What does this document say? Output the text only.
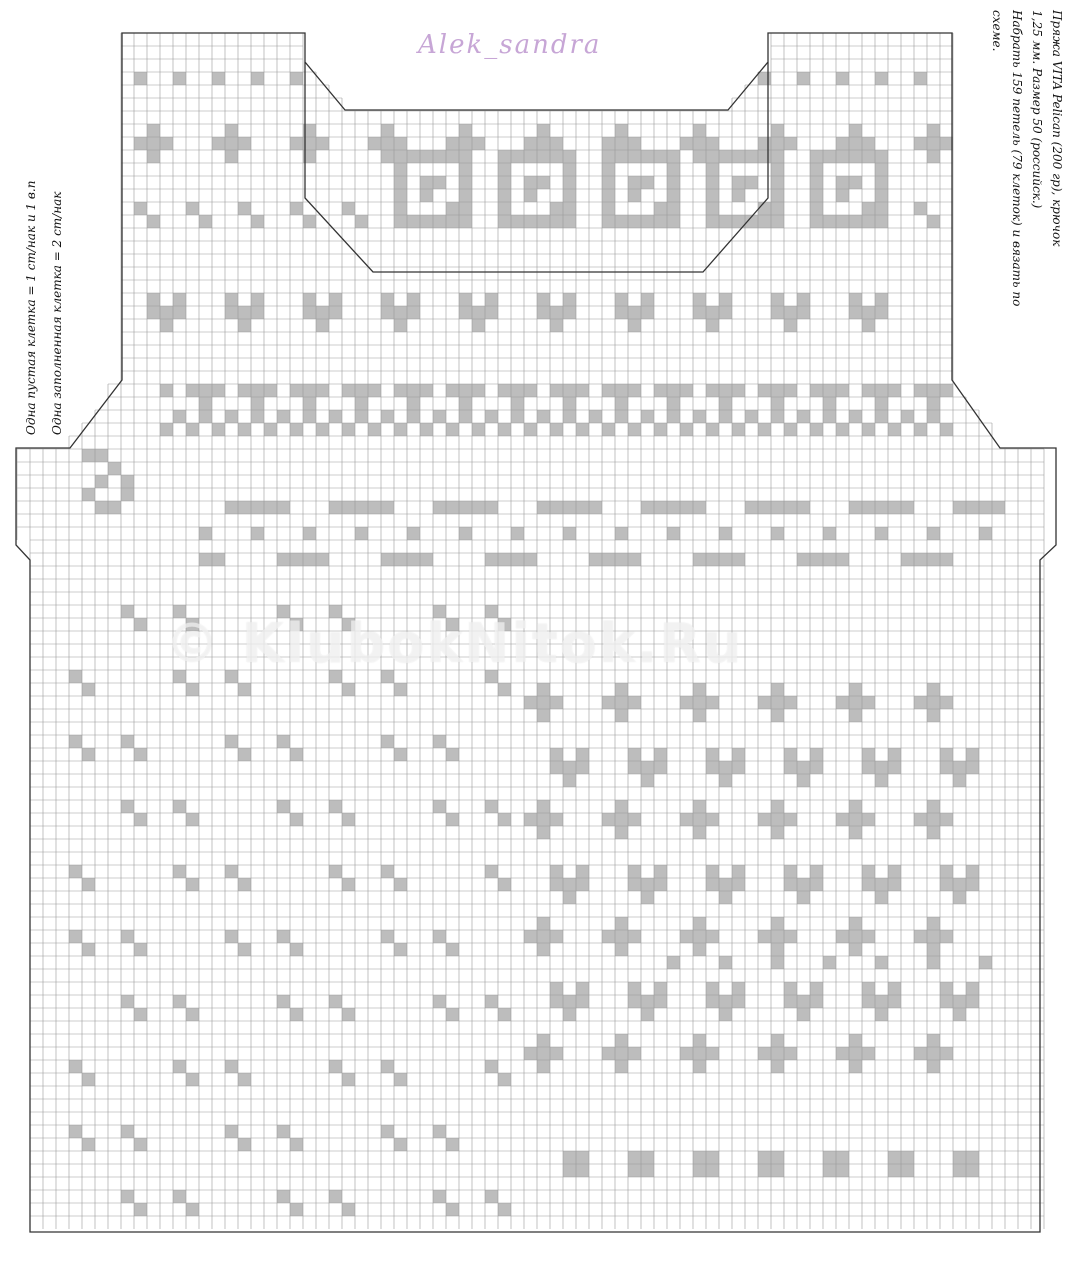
Alek_sandra
Одна пустая клетка = 1 ст/нак и 1 в.п	Одна заполненная клетка = 2 ст/нак
Пряжа VITA Pelican (200 гр), крючок
1,25 мм. Размер 50 (российск.)
Набрать 159 петель (79 клеток) и вязать по
схеме.
© KlubokNitok.Ru
